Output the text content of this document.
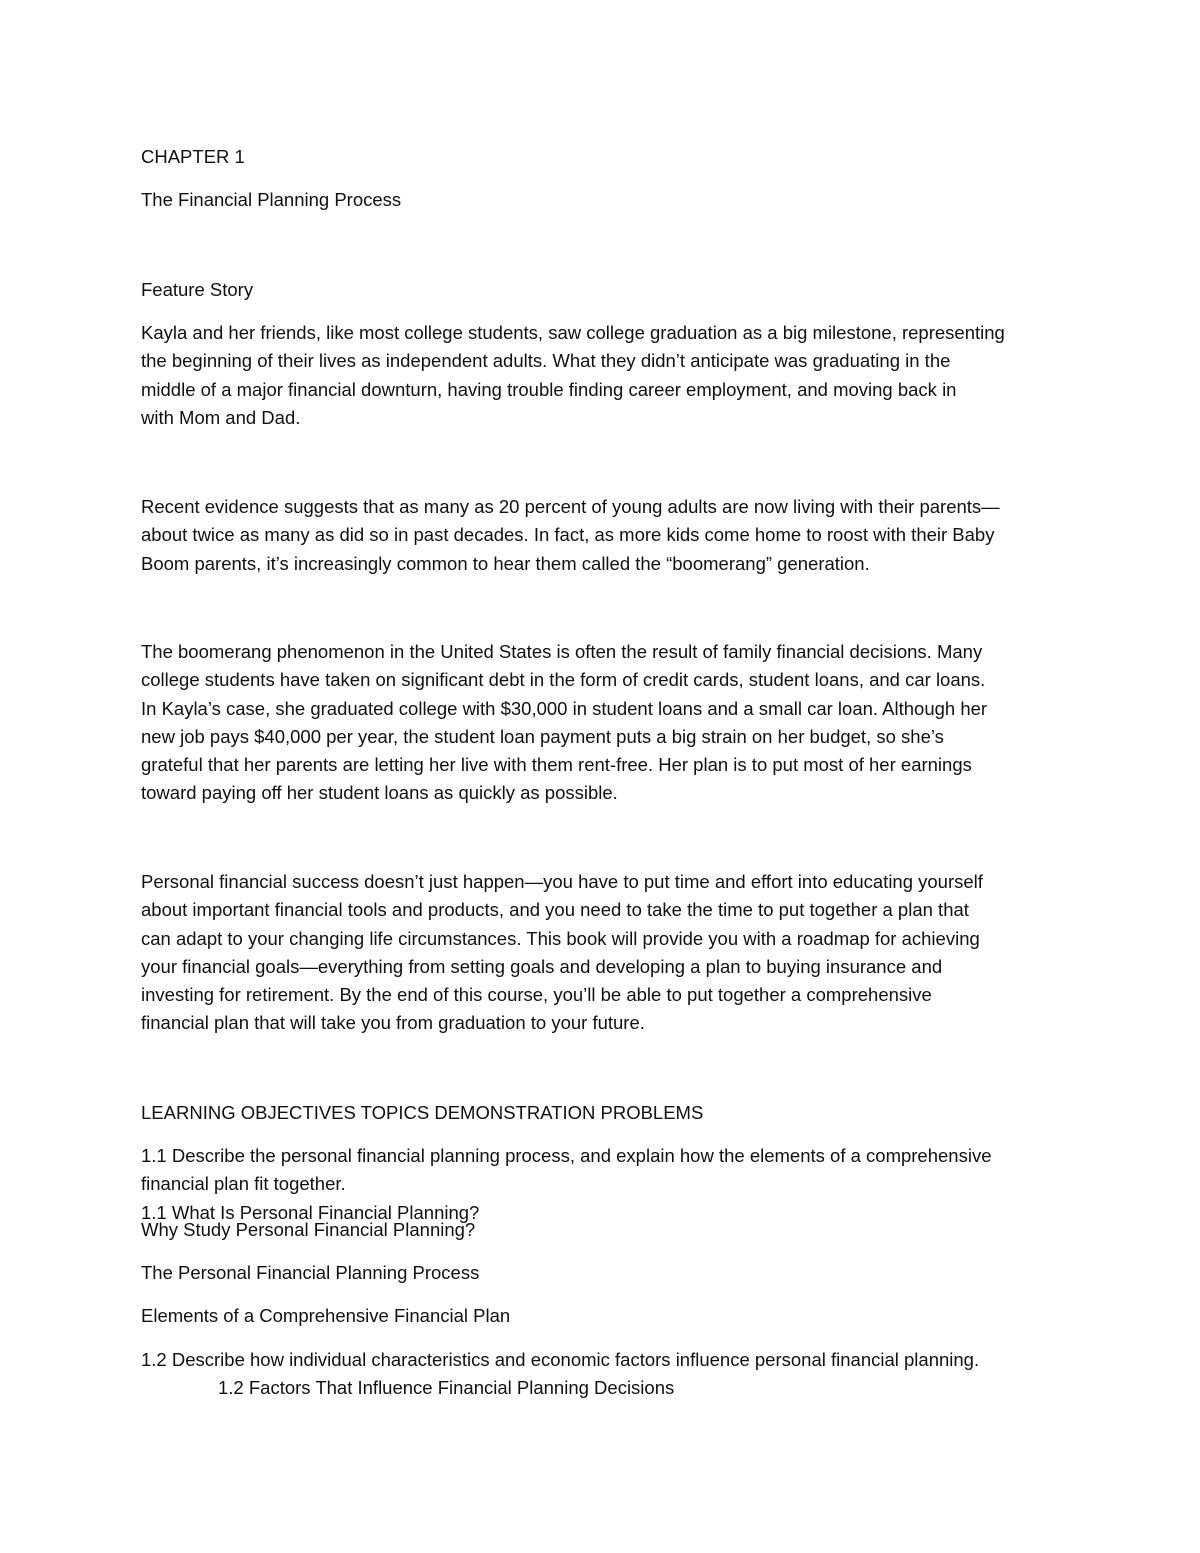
CHAPTER 1

The Financial Planning Process

Feature Story

Kayla and her friends, like most college students, saw college graduation as a big milestone, representing
the beginning of their lives as independent adults. What they didn’t anticipate was graduating in the
middle of a major financial downturn, having trouble finding career employment, and moving back in
with Mom and Dad.
Recent evidence suggests that as many as 20 percent of young adults are now living with their parents—
about twice as many as did so in past decades. In fact, as more kids come home to roost with their Baby
Boom parents, it’s increasingly common to hear them called the “boomerang” generation.
The boomerang phenomenon in the United States is often the result of family financial decisions. Many
college students have taken on significant debt in the form of credit cards, student loans, and car loans.
In Kayla’s case, she graduated college with $30,000 in student loans and a small car loan. Although her
new job pays $40,000 per year, the student loan payment puts a big strain on her budget, so she’s
grateful that her parents are letting her live with them rent-free. Her plan is to put most of her earnings
toward paying off her student loans as quickly as possible.
Personal financial success doesn’t just happen—you have to put time and effort into educating yourself
about important financial tools and products, and you need to take the time to put together a plan that
can adapt to your changing life circumstances. This book will provide you with a roadmap for achieving
your financial goals—everything from setting goals and developing a plan to buying insurance and
investing for retirement. By the end of this course, you’ll be able to put together a comprehensive
financial plan that will take you from graduation to your future.

LEARNING OBJECTIVES TOPICS DEMONSTRATION PROBLEMS

1.1 Describe the personal financial planning process, and explain how the elements of a comprehensive
financial plan fit together.
1.1 What Is Personal Financial Planning?

Why Study Personal Financial Planning?

The Personal Financial Planning Process

Elements of a Comprehensive Financial Plan

1.2 Describe how individual characteristics and economic factors influence personal financial planning.

1.2 Factors That Influence Financial Planning Decisions
